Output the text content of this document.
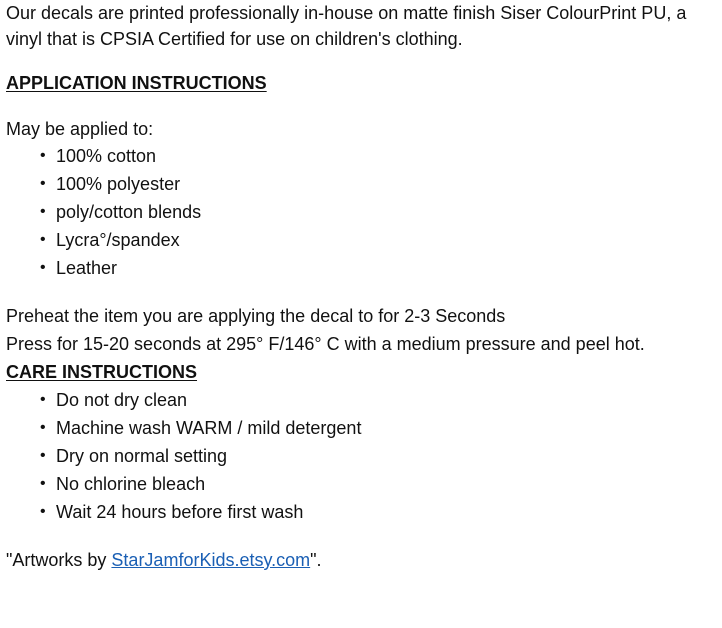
Our decals are printed professionally in-house on matte finish Siser ColourPrint PU, a
vinyl that is CPSIA Certified for use on children's clothing.

APPLICATION INSTRUCTIONS

May be applied to:

• 100% cotton
• 100% polyester
• poly/cotton blends
• Lycra°/spandex
• Leather

Preheat the item you are applying the decal to for 2-3 Seconds

Press for 15-20 seconds at 295° F/146° C with a medium pressure and peel hot.

CARE INSTRUCTIONS

• Do not dry clean
• Machine wash WARM / mild detergent
• Dry on normal setting
• No chlorine bleach
• Wait 24 hours before first wash

"Artworks by StarJamforKids.etsy.com".
